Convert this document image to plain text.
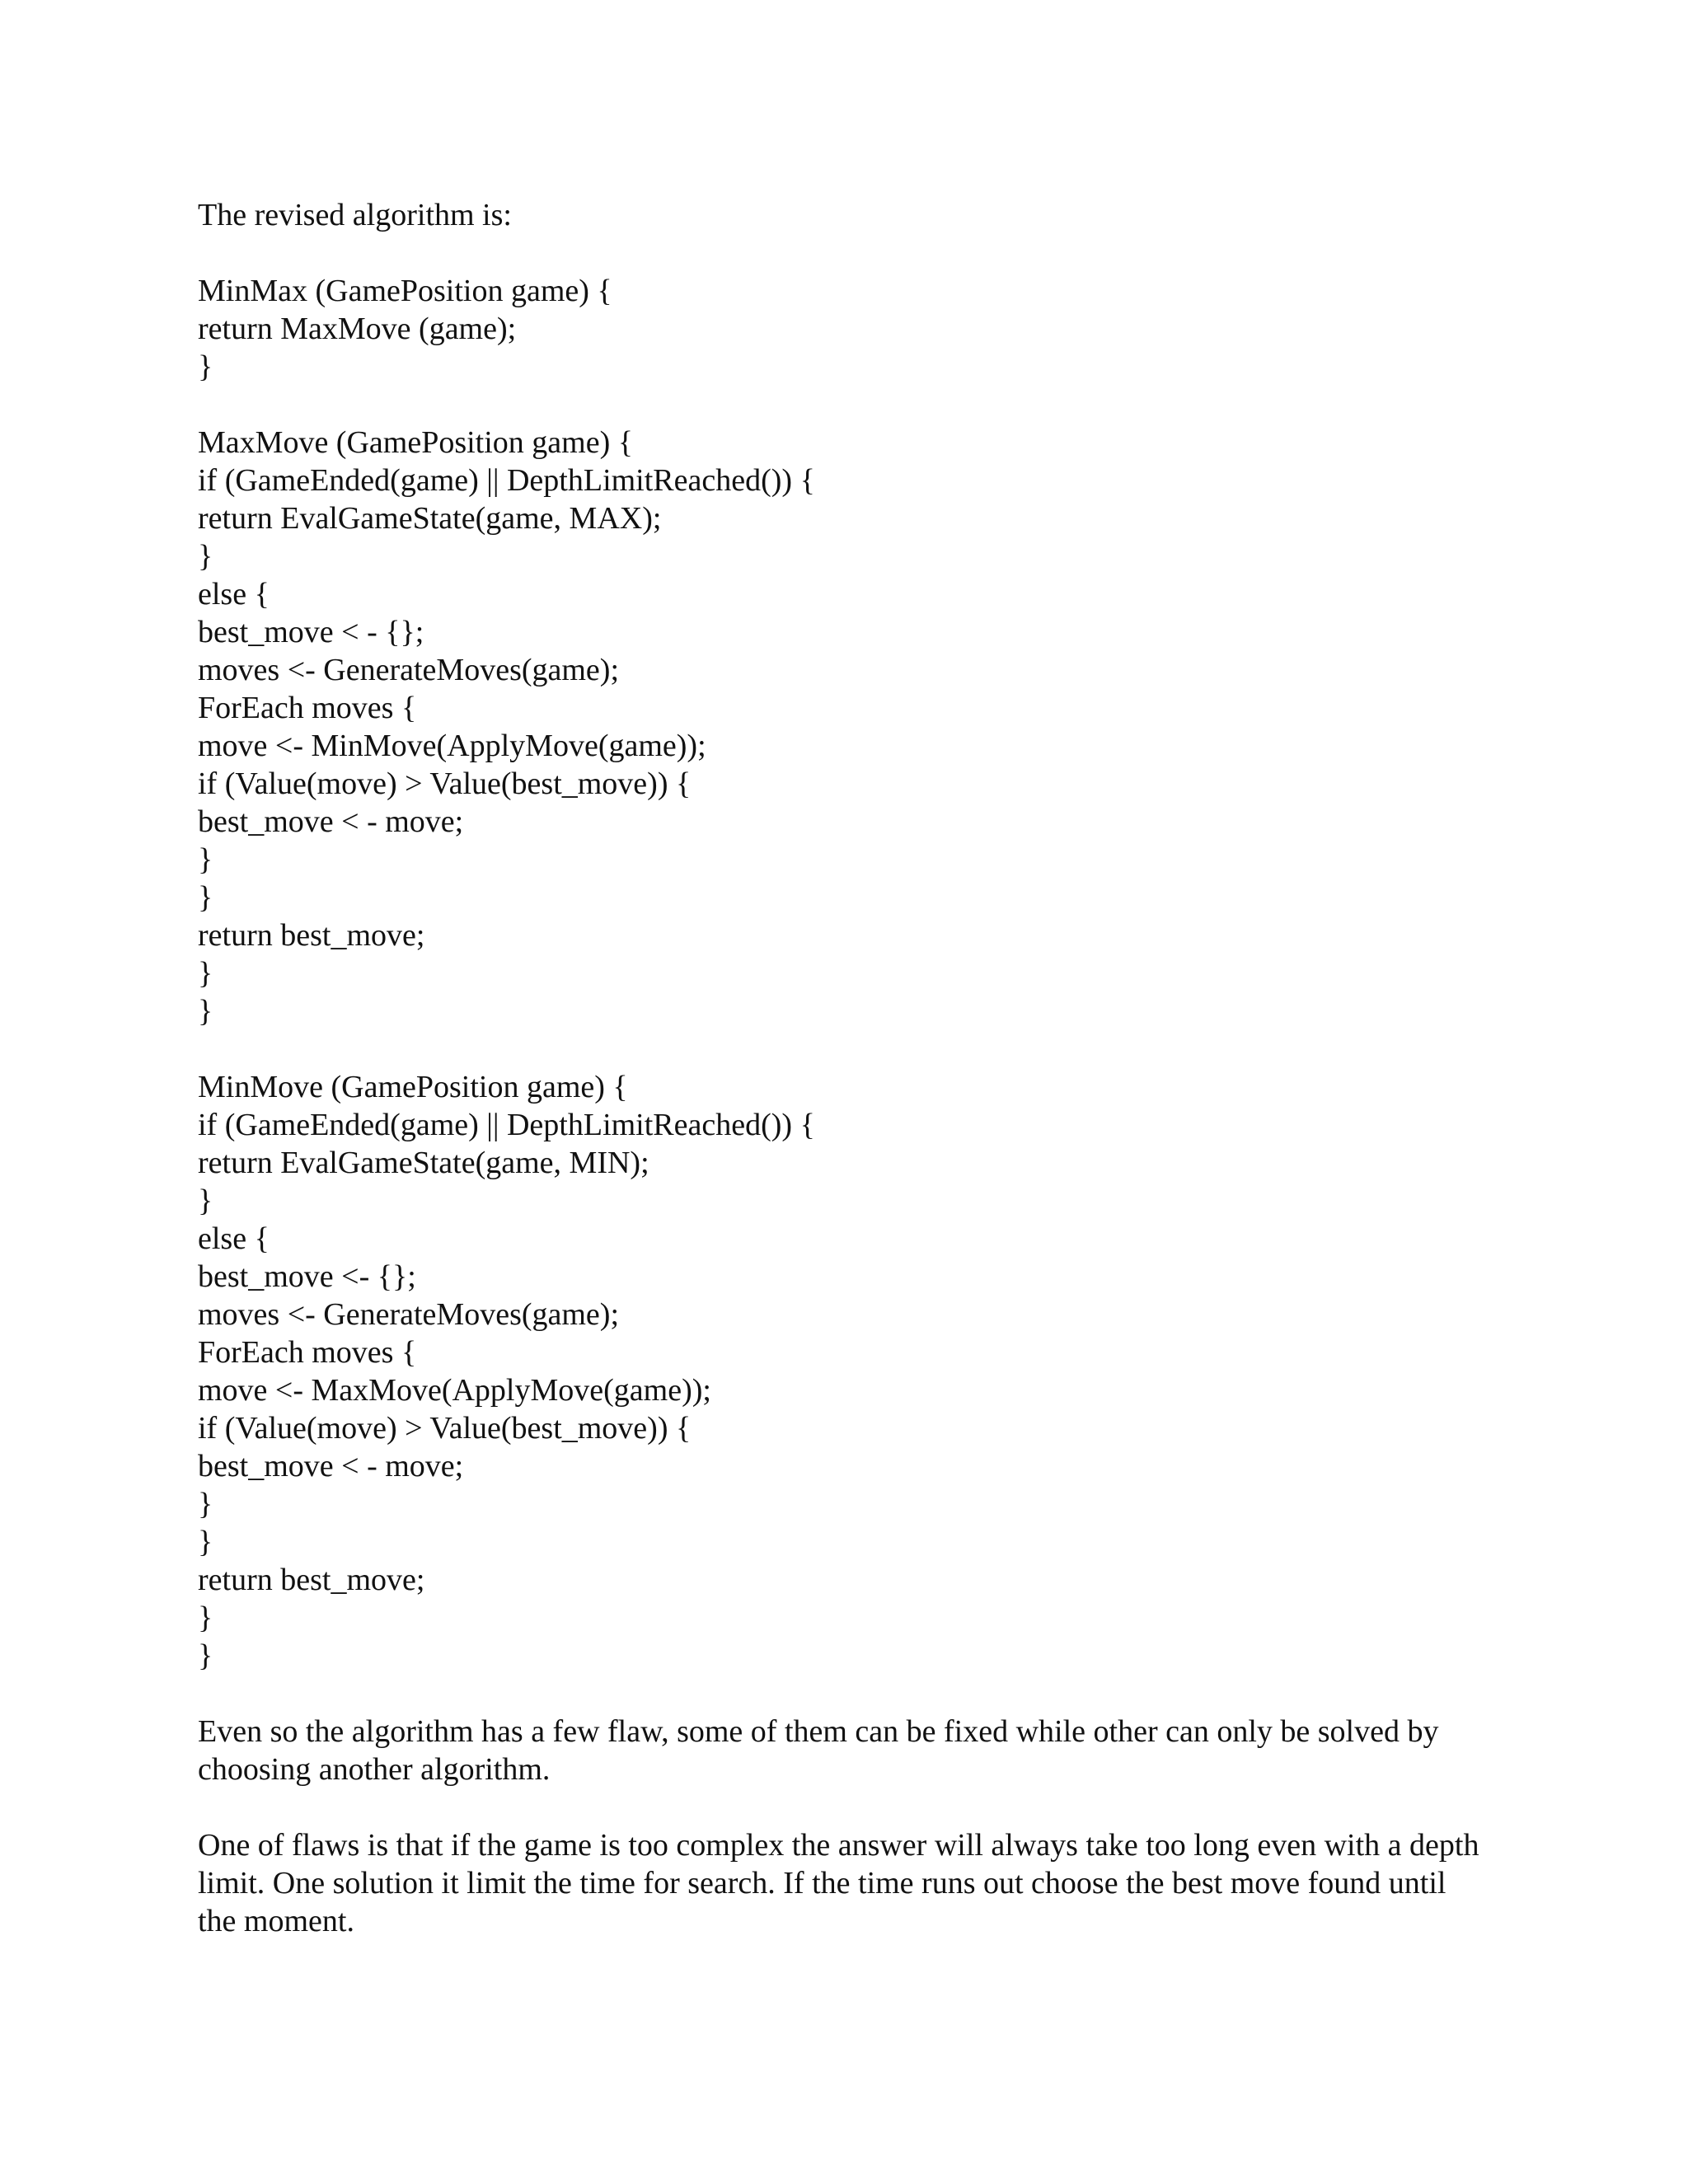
The revised algorithm is:
MinMax (GamePosition game) {
return MaxMove (game);
}
MaxMove (GamePosition game) {
if (GameEnded(game) || DepthLimitReached()) {
return EvalGameState(game, MAX);
}
else {
best_move < - {};
moves <- GenerateMoves(game);
ForEach moves {
move <- MinMove(ApplyMove(game));
if (Value(move) > Value(best_move)) {
best_move < - move;
}
}
return best_move;
}
}
MinMove (GamePosition game) {
if (GameEnded(game) || DepthLimitReached()) {
return EvalGameState(game, MIN);
}
else {
best_move <- {};
moves <- GenerateMoves(game);
ForEach moves {
move <- MaxMove(ApplyMove(game));
if (Value(move) > Value(best_move)) {
best_move < - move;
}
}
return best_move;
}
}

Even so the algorithm has a few flaw, some of them can be fixed while other can only be solved by choosing another algorithm.

One of flaws is that if the game is too complex the answer will always take too long even with a depth limit. One solution it limit the time for search. If the time runs out choose the best move found until the moment.
